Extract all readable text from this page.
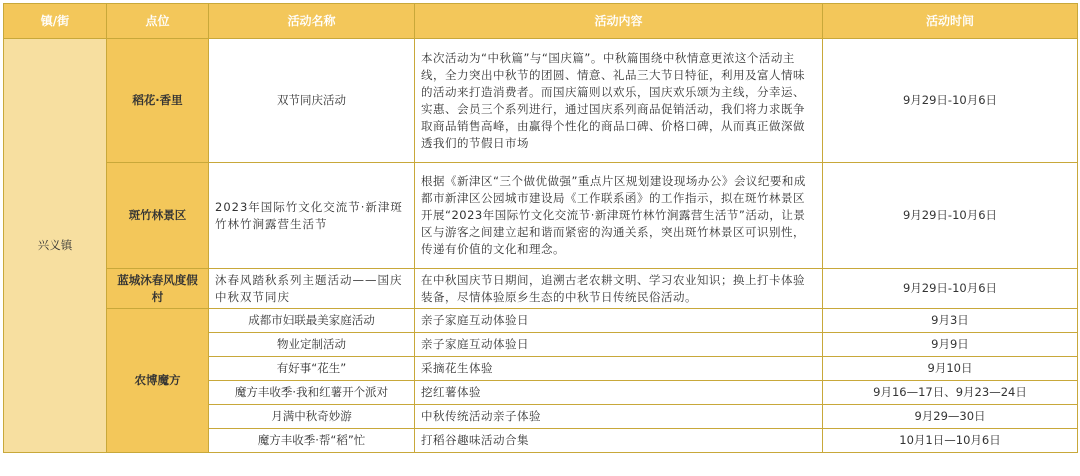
镇/街	点位	活动名称	活动内容	活动时间
兴义镇	稻花·香里	双节同庆活动	本次活动为“中秋篇”与“国庆篇”。中秋篇围绕中秋情意更浓这个活动主线，全力突出中秋节的团圆、情意、礼品三大节日特征，利用及富人情味的活动来打造消费者。而国庆篇则以欢乐，国庆欢乐颂为主线，分幸运、实惠、会员三个系列进行，通过国庆系列商品促销活动，我们将力求既争取商品销售高峰，由赢得个性化的商品口碑、价格口碑，从而真正做深做透我们的节假日市场	9月29日-10月6日
	斑竹林景区	2023年国际竹文化交流节·新津斑竹林竹涧露营生活节	根据《新津区“三个做优做强”重点片区规划建设现场办公》会议纪要和成都市新津区公园城市建设局《工作联系函》的工作指示，拟在斑竹林景区开展“2023年国际竹文化交流节·新津斑竹林竹涧露营生活节”活动，让景区与游客之间建立起和谐而紧密的沟通关系，突出斑竹林景区可识别性，传递有价值的文化和理念。	9月29日-10月6日
	蓝城沐春风度假村	沐春风踏秋系列主题活动——国庆中秋双节同庆	在中秋国庆节日期间，追溯古老农耕文明、学习农业知识；换上打卡体验装备，尽情体验原乡生态的中秋节日传统民俗活动。	9月29日-10月6日
	农博魔方	成都市妇联最美家庭活动	亲子家庭互动体验日	9月3日
		物业定制活动	亲子家庭互动体验日	9月9日
		有好事“花生”	采摘花生体验	9月10日
		魔方丰收季·我和红薯开个派对	挖红薯体验	9月16—17日、9月23—24日
		月满中秋奇妙游	中秋传统活动亲子体验	9月29—30日
		魔方丰收季·帮“稻”忙	打稻谷趣味活动合集	10月1日—10月6日
